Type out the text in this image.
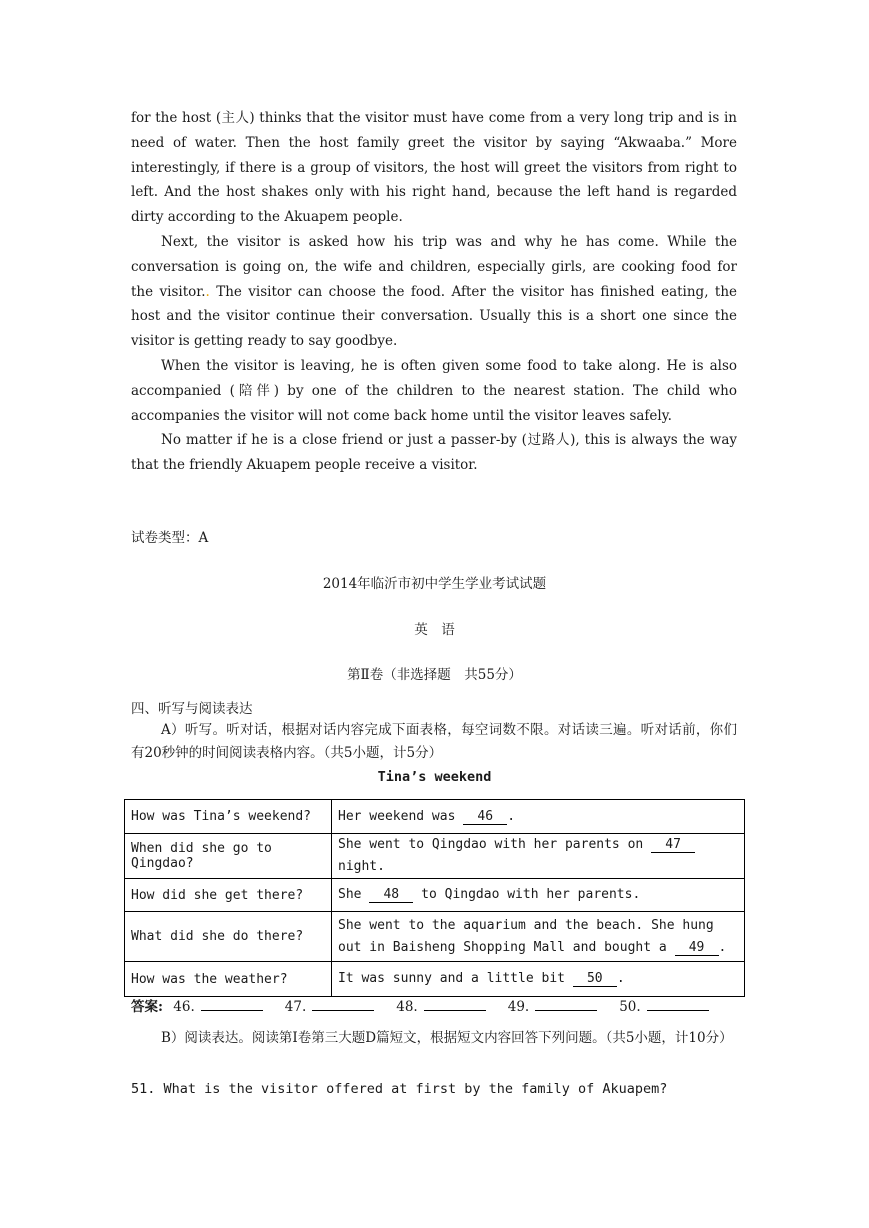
for the host (主人) thinks that the visitor must have come from a very long trip and is in need of water. Then the host family greet the visitor by saying “Akwaaba.” More interestingly, if there is a group of visitors, the host will greet the visitors from right to left. And the host shakes only with his right hand, because the left hand is regarded dirty according to the Akuapem people.

Next, the visitor is asked how his trip was and why he has come. While the conversation is going on, the wife and children, especially girls, are cooking food for the visitor.. The visitor can choose the food. After the visitor has finished eating, the host and the visitor continue their conversation. Usually this is a short one since the visitor is getting ready to say goodbye.

When the visitor is leaving, he is often given some food to take along. He is also accompanied (陪伴) by one of the children to the nearest station. The child who accompanies the visitor will not come back home until the visitor leaves safely.

No matter if he is a close friend or just a passer-by (过路人), this is always the way that the friendly Akuapem people receive a visitor.

试卷类型：A
2014年临沂市初中学生学业考试试题
英　语
第Ⅱ卷（非选择题　共55分）
四、听写与阅读表达

A）听写。听对话，根据对话内容完成下面表格，每空词数不限。对话读三遍。听对话前，你们有20秒钟的时间阅读表格内容。（共5小题，计5分）

Tina’s weekend
How was Tina’s weekend?	Her weekend was 46 .
When did she go to Qingdao?	She went to Qingdao with her parents on 47 night.
How did she get there?	She 48 to Qingdao with her parents.
What did she do there?	She went to the aquarium and the beach. She hung out in Baisheng Shopping Mall and bought a 49 .
How was the weather?	It was sunny and a little bit 50 .
答案: 46.	47.	48.	49.	50.

B）阅读表达。阅读第Ⅰ卷第三大题D篇短文，根据短文内容回答下列问题。（共5小题，计10分）

51. What is the visitor offered at first by the family of Akuapem?
